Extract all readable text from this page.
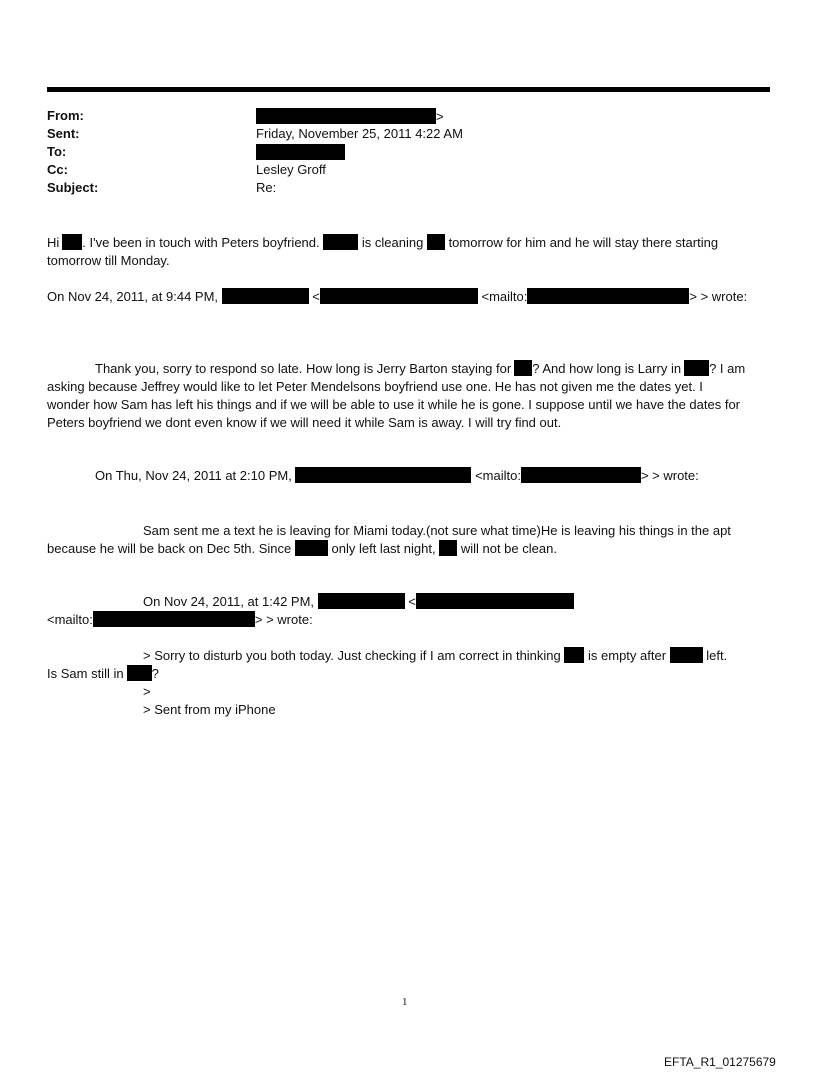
From:	>
Sent:	Friday, November 25, 2011 4:22 AM
To:
Cc:	Lesley Groff
Subject:	Re:
Hi . I've been in touch with Peters boyfriend.	is cleaning tomorrow for him and he will stay there starting
tomorrow till Monday.
On Nov 24, 2011, at 9:44 PM,	<	<mailto:	> > wrote:
Thank you, sorry to respond so late. How long is Jerry Barton staying for ? And how long is Larry in ? I am
asking because Jeffrey would like to let Peter Mendelsons boyfriend use one. He has not given me the dates yet. I
wonder how Sam has left his things and if we will be able to use it while he is gone. I suppose until we have the dates for
Peters boyfriend we dont even know if we will need it while Sam is away. I will try find out.
On Thu, Nov 24, 2011 at 2:10 PM,	<mailto:	> > wrote:
Sam sent me a text he is leaving for Miami today.(not sure what time)He is leaving his things in the apt
because he will be back on Dec 5th. Since	only left last night, will not be clean.
On Nov 24, 2011, at 1:42 PM,	<
<mailto:	> > wrote:
> Sorry to disturb you both today. Just checking if I am correct in thinking is empty after	left.
Is Sam still in ?
>
> Sent from my iPhone
1
EFTA_R1_01275679
